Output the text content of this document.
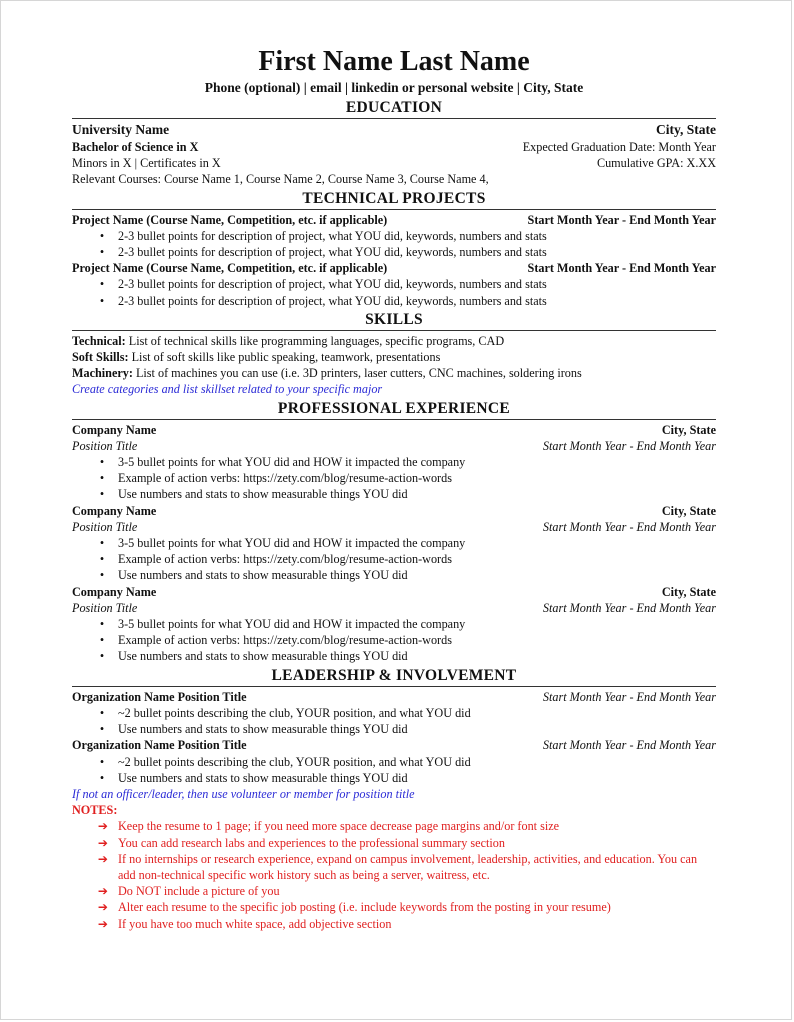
First Name Last Name
Phone (optional) | email | linkedin or personal website | City, State
EDUCATION
University Name	City, State
Bachelor of Science in X	Expected Graduation Date: Month Year
Minors in X | Certificates in X	Cumulative GPA: X.XX
Relevant Courses: Course Name 1, Course Name 2, Course Name 3, Course Name 4,
TECHNICAL PROJECTS
Project Name (Course Name, Competition, etc. if applicable)	Start Month Year - End Month Year
•	2-3 bullet points for description of project, what YOU did, keywords, numbers and stats
•	2-3 bullet points for description of project, what YOU did, keywords, numbers and stats
Project Name (Course Name, Competition, etc. if applicable)	Start Month Year - End Month Year
•	2-3 bullet points for description of project, what YOU did, keywords, numbers and stats
•	2-3 bullet points for description of project, what YOU did, keywords, numbers and stats
SKILLS
Technical: List of technical skills like programming languages, specific programs, CAD
Soft Skills: List of soft skills like public speaking, teamwork, presentations
Machinery: List of machines you can use (i.e. 3D printers, laser cutters, CNC machines, soldering irons
Create categories and list skillset related to your specific major
PROFESSIONAL EXPERIENCE
Company Name	City, State
Position Title	Start Month Year - End Month Year
•	3-5 bullet points for what YOU did and HOW it impacted the company
•	Example of action verbs: https://zety.com/blog/resume-action-words
•	Use numbers and stats to show measurable things YOU did
Company Name	City, State
Position Title	Start Month Year - End Month Year
•	3-5 bullet points for what YOU did and HOW it impacted the company
•	Example of action verbs: https://zety.com/blog/resume-action-words
•	Use numbers and stats to show measurable things YOU did
Company Name	City, State
Position Title	Start Month Year - End Month Year
•	3-5 bullet points for what YOU did and HOW it impacted the company
•	Example of action verbs: https://zety.com/blog/resume-action-words
•	Use numbers and stats to show measurable things YOU did
LEADERSHIP & INVOLVEMENT
Organization Name Position Title	Start Month Year - End Month Year
•	~2 bullet points describing the club, YOUR position, and what YOU did
•	Use numbers and stats to show measurable things YOU did
Organization Name Position Title	Start Month Year - End Month Year
•	~2 bullet points describing the club, YOUR position, and what YOU did
•	Use numbers and stats to show measurable things YOU did
If not an officer/leader, then use volunteer or member for position title
NOTES:
➔ Keep the resume to 1 page; if you need more space decrease page margins and/or font size
➔ You can add research labs and experiences to the professional summary section
➔ If no internships or research experience, expand on campus involvement, leadership, activities, and education. You can add non-technical specific work history such as being a server, waitress, etc.
➔ Do NOT include a picture of you
➔ Alter each resume to the specific job posting (i.e. include keywords from the posting in your resume)
➔ If you have too much white space, add objective section
